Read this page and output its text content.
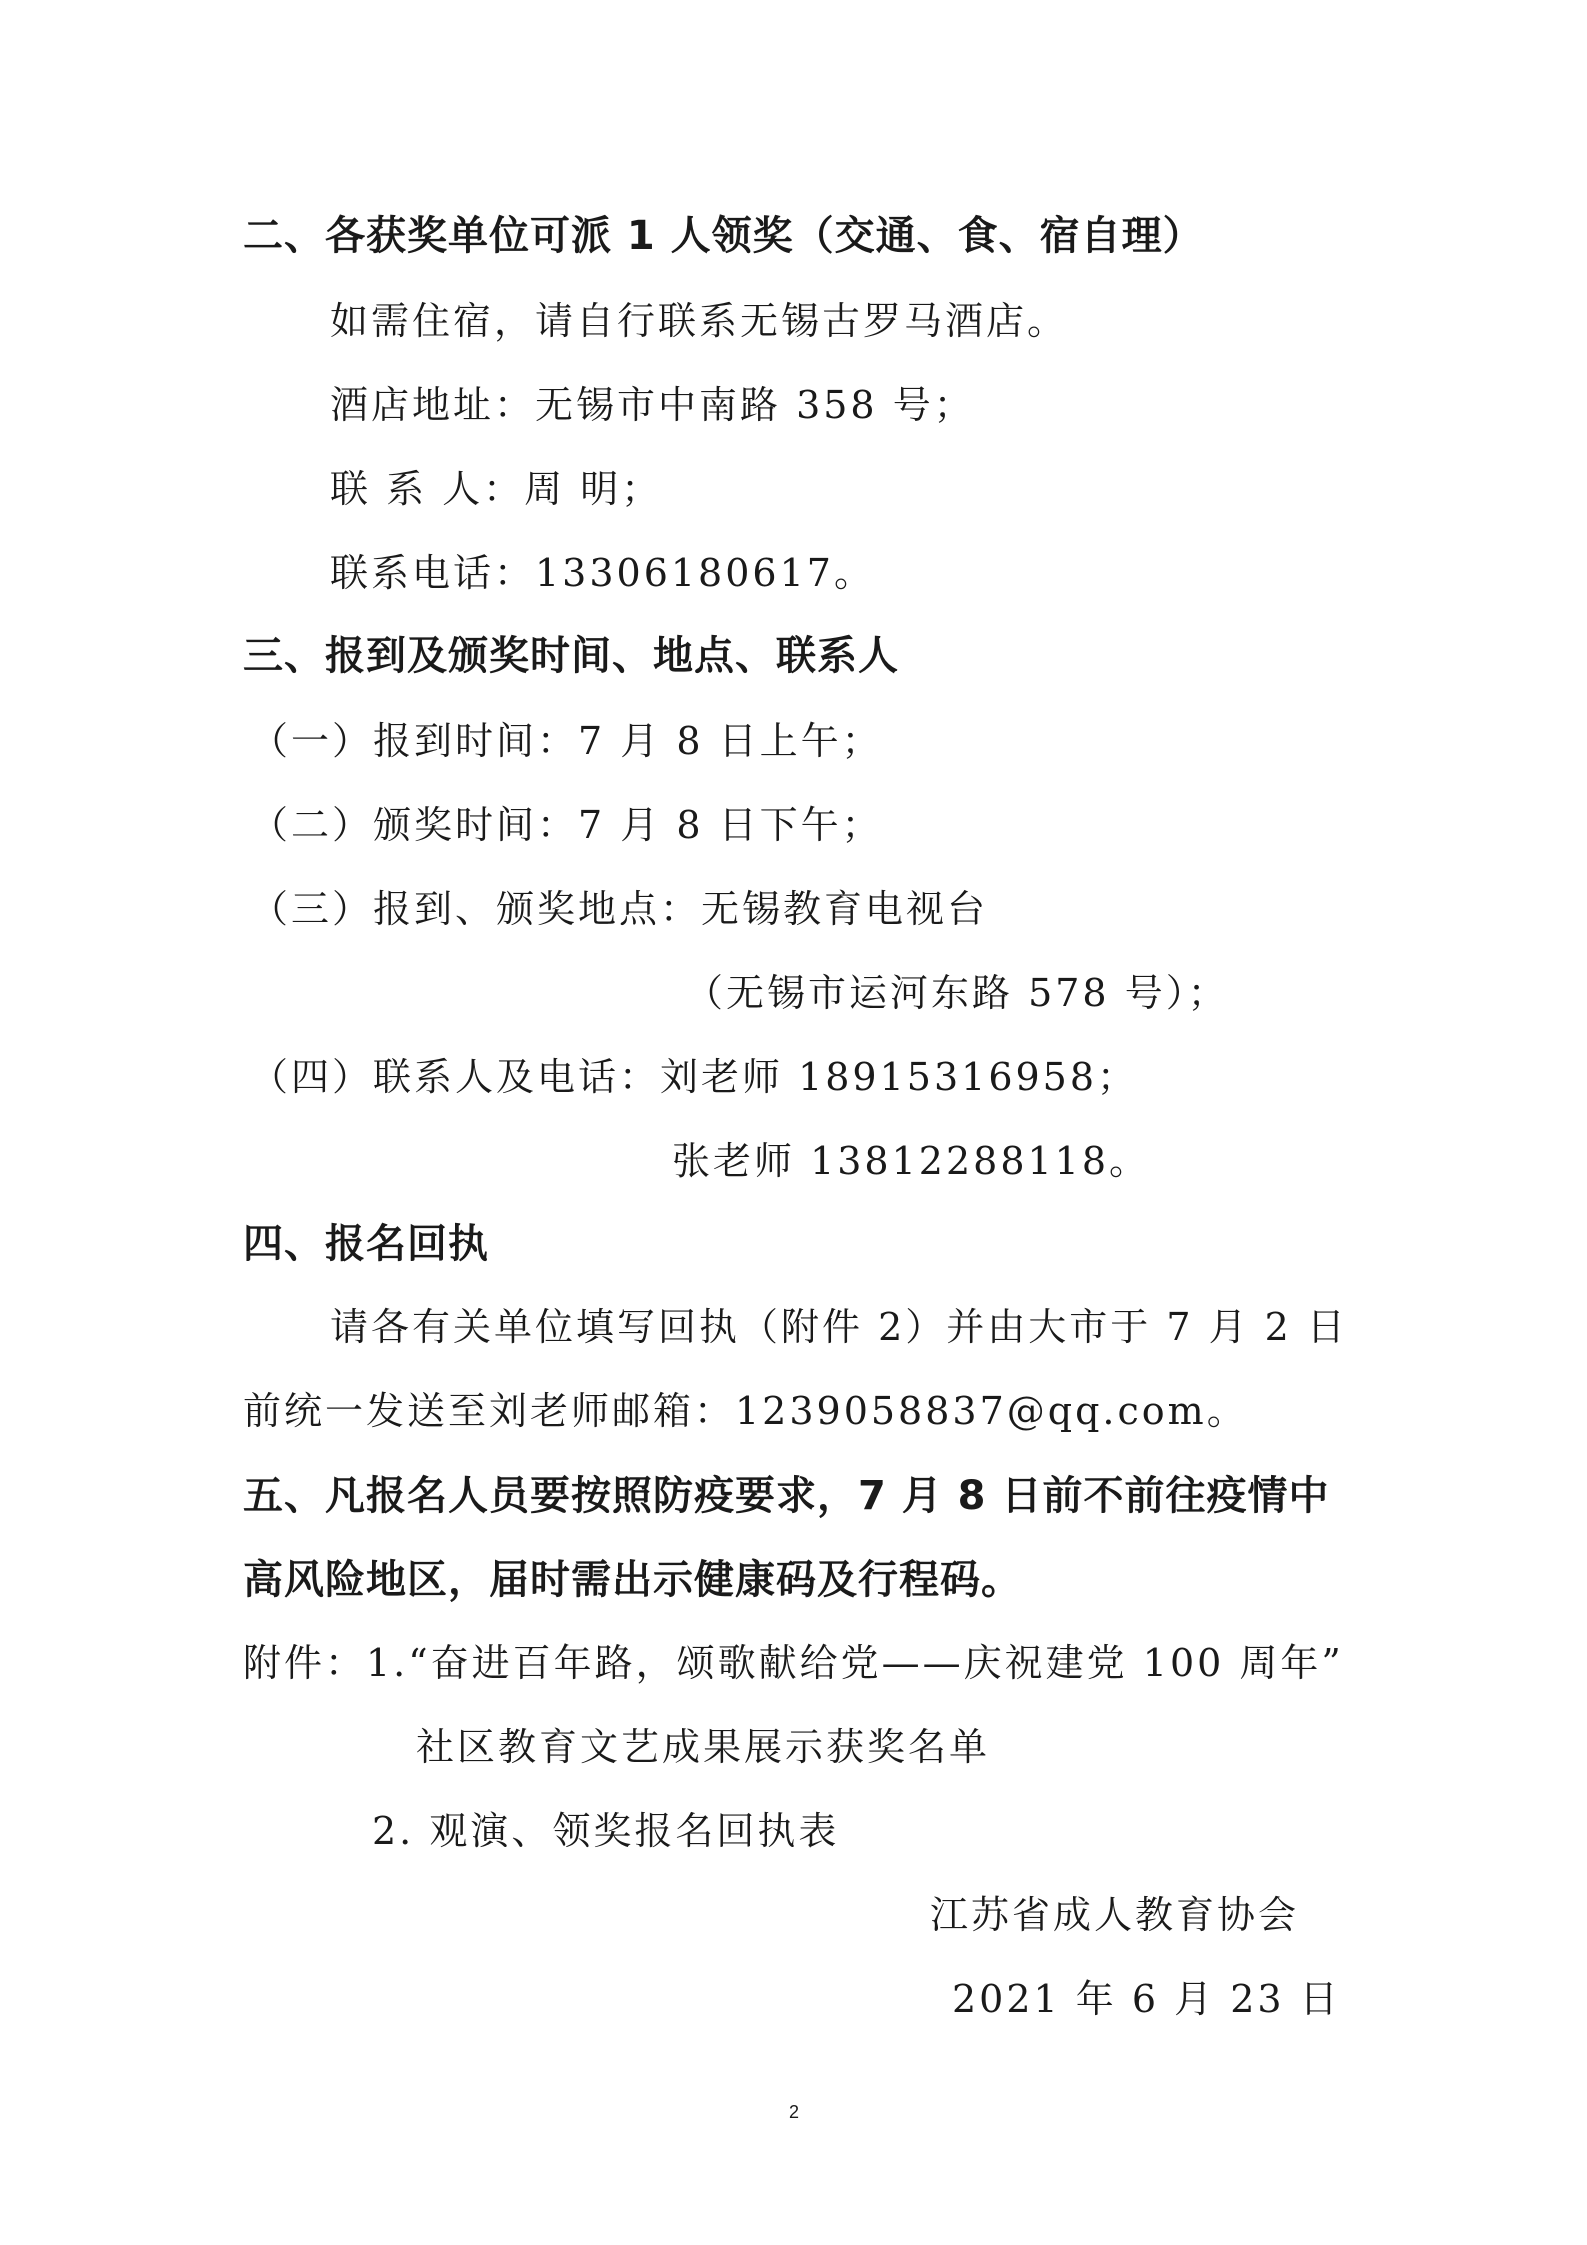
二、各获奖单位可派 1 人领奖（交通、食、宿自理）
如需住宿，请自行联系无锡古罗马酒店。
酒店地址：无锡市中南路 358 号；
联 系 人：周 明；
联系电话：13306180617。
三、报到及颁奖时间、地点、联系人
（一）报到时间：7 月 8 日上午；
（二）颁奖时间：7 月 8 日下午；
（三）报到、颁奖地点：无锡教育电视台
（无锡市运河东路 578 号）；
（四）联系人及电话：刘老师 18915316958；
张老师 13812288118。
四、报名回执
请各有关单位填写回执（附件 2）并由大市于 7 月 2 日
前统一发送至刘老师邮箱：1239058837@qq.com。
五、凡报名人员要按照防疫要求，7 月 8 日前不前往疫情中
高风险地区，届时需出示健康码及行程码。
附件：1.“奋进百年路，颂歌献给党——庆祝建党 100 周年”
社区教育文艺成果展示获奖名单
2. 观演、领奖报名回执表
江苏省成人教育协会
2021 年 6 月 23 日
2
